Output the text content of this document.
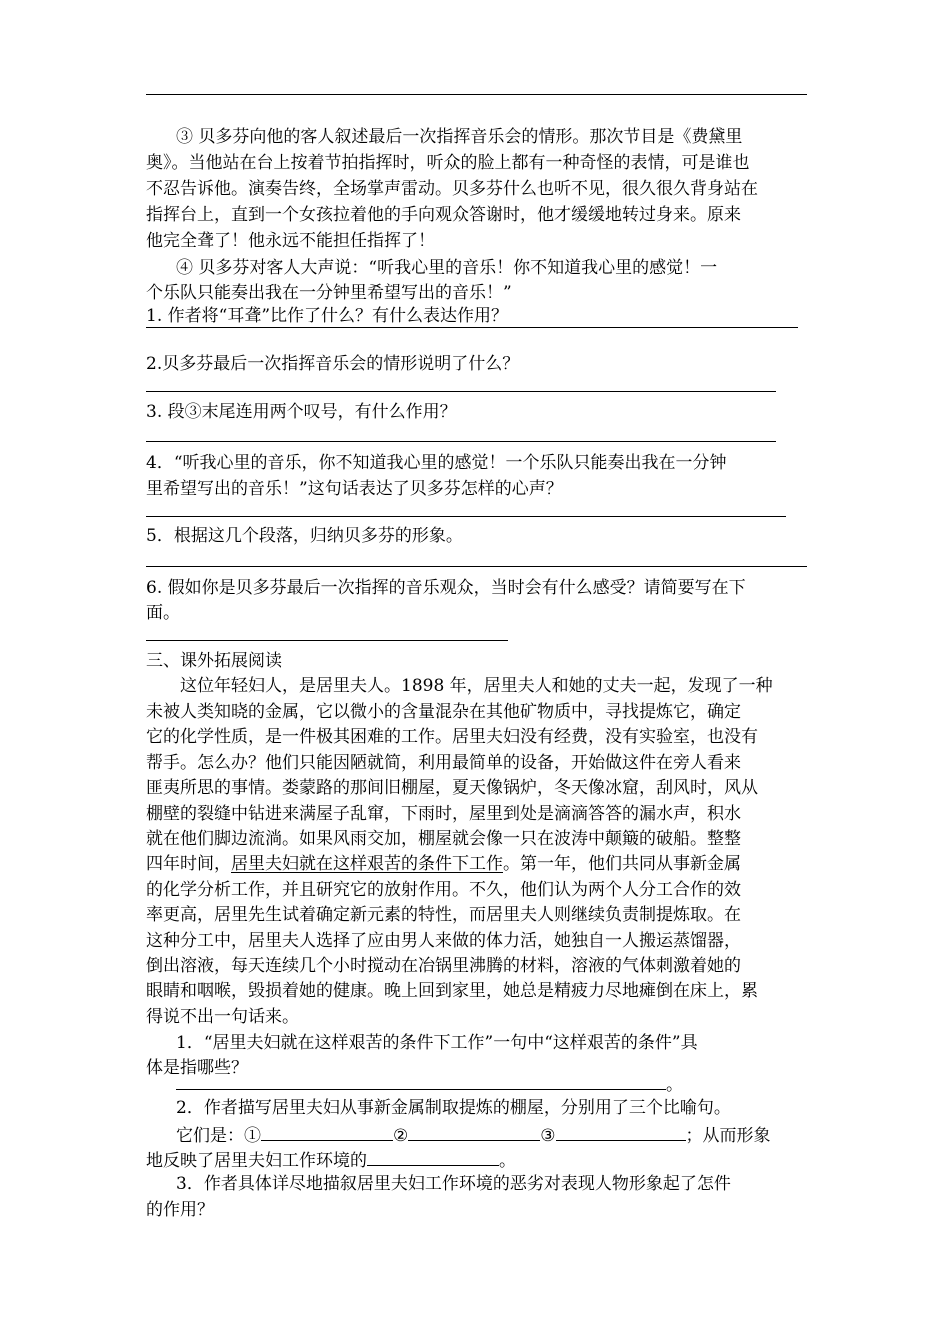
③ 贝多芬向他的客人叙述最后一次指挥音乐会的情形。那次节目是《费黛里
奥》。当他站在台上按着节拍指挥时，听众的脸上都有一种奇怪的表情，可是谁也
不忍告诉他。演奏告终，全场掌声雷动。贝多芬什么也听不见，很久很久背身站在
指挥台上，直到一个女孩拉着他的手向观众答谢时，他才缓缓地转过身来。原来
他完全聋了！他永远不能担任指挥了！
④ 贝多芬对客人大声说：“听我心里的音乐！你不知道我心里的感觉！一
个乐队只能奏出我在一分钟里希望写出的音乐！”
1. 作者将“耳聋”比作了什么？有什么表达作用？
2.贝多芬最后一次指挥音乐会的情形说明了什么？
3. 段③末尾连用两个叹号，有什么作用？
4．“听我心里的音乐，你不知道我心里的感觉！一个乐队只能奏出我在一分钟
里希望写出的音乐！”这句话表达了贝多芬怎样的心声？
5．根据这几个段落，归纳贝多芬的形象。
6. 假如你是贝多芬最后一次指挥的音乐观众，当时会有什么感受？请简要写在下
面。
三、课外拓展阅读
这位年轻妇人，是居里夫人。1898 年，居里夫人和她的丈夫一起，发现了一种
未被人类知晓的金属，它以微小的含量混杂在其他矿物质中，寻找提炼它，确定
它的化学性质，是一件极其困难的工作。居里夫妇没有经费，没有实验室，也没有
帮手。怎么办？他们只能因陋就简，利用最简单的设备，开始做这件在旁人看来
匪夷所思的事情。娄蒙路的那间旧棚屋，夏天像锅炉，冬天像冰窟，刮风时，风从
棚壁的裂缝中钻进来满屋子乱窜，下雨时，屋里到处是滴滴答答的漏水声，积水
就在他们脚边流淌。如果风雨交加，棚屋就会像一只在波涛中颠簸的破船。整整
四年时间，居里夫妇就在这样艰苦的条件下工作。第一年，他们共同从事新金属
的化学分析工作，并且研究它的放射作用。不久，他们认为两个人分工合作的效
率更高，居里先生试着确定新元素的特性，而居里夫人则继续负责制提炼取。在
这种分工中，居里夫人选择了应由男人来做的体力活，她独自一人搬运蒸馏器，
倒出溶液，每天连续几个小时搅动在冶锅里沸腾的材料，溶液的气体刺激着她的
眼睛和咽喉，毁损着她的健康。晚上回到家里，她总是精疲力尽地瘫倒在床上，累
得说不出一句话来。
1．“居里夫妇就在这样艰苦的条件下工作”一句中“这样艰苦的条件”具
体是指哪些？
。
2．作者描写居里夫妇从事新金属制取提炼的棚屋，分别用了三个比喻句。
它们是：①	②	③	；从而形象
地反映了居里夫妇工作环境的	。
3．作者具体详尽地描叙居里夫妇工作环境的恶劣对表现人物形象起了怎件
的作用？
